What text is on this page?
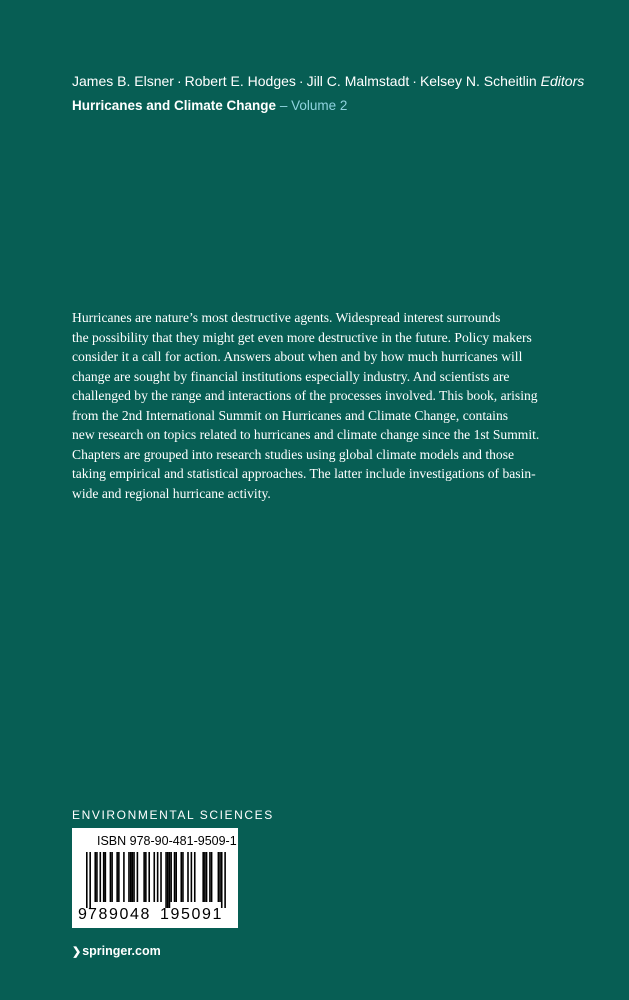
James B. Elsner · Robert E. Hodges · Jill C. Malmstadt · Kelsey N. Scheitlin Editors
Hurricanes and Climate Change – Volume 2
Hurricanes are nature’s most destructive agents. Widespread interest surrounds
the possibility that they might get even more destructive in the future. Policy makers
consider it a call for action. Answers about when and by how much hurricanes will
change are sought by financial institutions especially industry. And scientists are
challenged by the range and interactions of the processes involved. This book, arising
from the 2nd International Summit on Hurricanes and Climate Change, contains
new research on topics related to hurricanes and climate change since the 1st Summit.
Chapters are grouped into research studies using global climate models and those
taking empirical and statistical approaches. The latter include investigations of basin-
wide and regional hurricane activity.
ENVIRONMENTAL SCIENCES
ISBN 978-90-481-9509-1
9 789048 195091
❯springer.com
